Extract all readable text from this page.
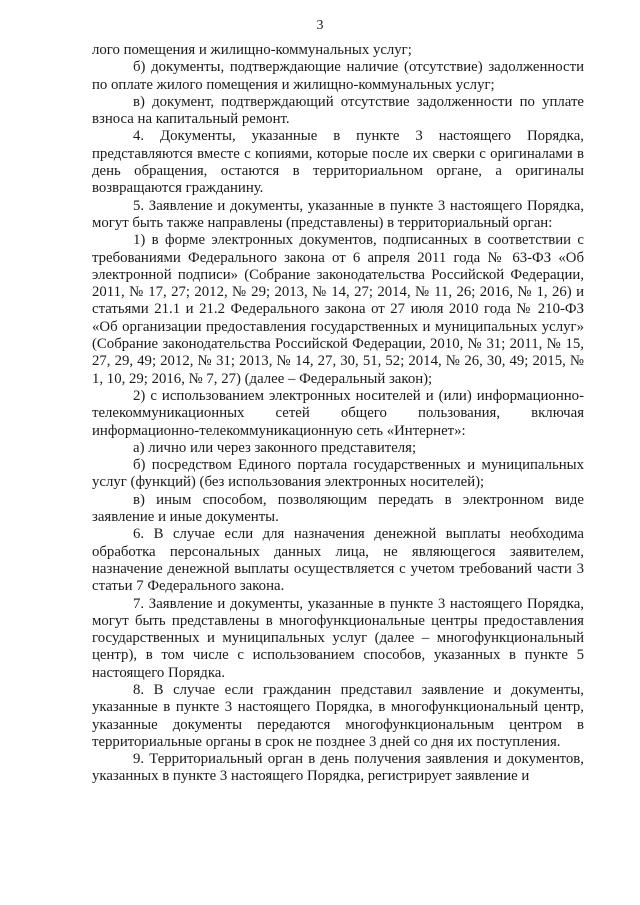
3

лого помещения и жилищно-коммунальных услуг;

б) документы, подтверждающие наличие (отсутствие) задолженности по оплате жилого помещения и жилищно-коммунальных услуг;

в) документ, подтверждающий отсутствие задолженности по уплате взноса на капитальный ремонт.

4. Документы, указанные в пункте 3 настоящего Порядка, представляются вместе с копиями, которые после их сверки с оригиналами в день обращения, остаются в территориальном органе, а оригиналы возвращаются гражданину.

5. Заявление и документы, указанные в пункте 3 настоящего Порядка, могут быть также направлены (представлены) в территориальный орган:

1) в форме электронных документов, подписанных в соответствии с требованиями Федерального закона от 6 апреля 2011 года № 63-ФЗ «Об электронной подписи» (Собрание законодательства Российской Федерации, 2011, № 17, 27; 2012, № 29; 2013, № 14, 27; 2014, № 11, 26; 2016, № 1, 26) и статьями 21.1 и 21.2 Федерального закона от 27 июля 2010 года № 210-ФЗ «Об организации предоставления государственных и муниципальных услуг» (Собрание законодательства Российской Федерации, 2010, № 31; 2011, № 15, 27, 29, 49; 2012, № 31; 2013, № 14, 27, 30, 51, 52; 2014, № 26, 30, 49; 2015, № 1, 10, 29; 2016, № 7, 27) (далее – Федеральный закон);

2) с использованием электронных носителей и (или) информационно-телекоммуникационных сетей общего пользования, включая информационно-телекоммуникационную сеть «Интернет»:

а) лично или через законного представителя;

б) посредством Единого портала государственных и муниципальных услуг (функций) (без использования электронных носителей);

в) иным способом, позволяющим передать в электронном виде заявление и иные документы.

6. В случае если для назначения денежной выплаты необходима обработка персональных данных лица, не являющегося заявителем, назначение денежной выплаты осуществляется с учетом требований части 3 статьи 7 Федерального закона.

7. Заявление и документы, указанные в пункте 3 настоящего Порядка, могут быть представлены в многофункциональные центры предоставления государственных и муниципальных услуг (далее – многофункциональный центр), в том числе с использованием способов, указанных в пункте 5 настоящего Порядка.

8. В случае если гражданин представил заявление и документы, указанные в пункте 3 настоящего Порядка, в многофункциональный центр, указанные документы передаются многофункциональным центром в территориальные органы в срок не позднее 3 дней со дня их поступления.

9. Территориальный орган в день получения заявления и документов, указанных в пункте 3 настоящего Порядка, регистрирует заявление и
